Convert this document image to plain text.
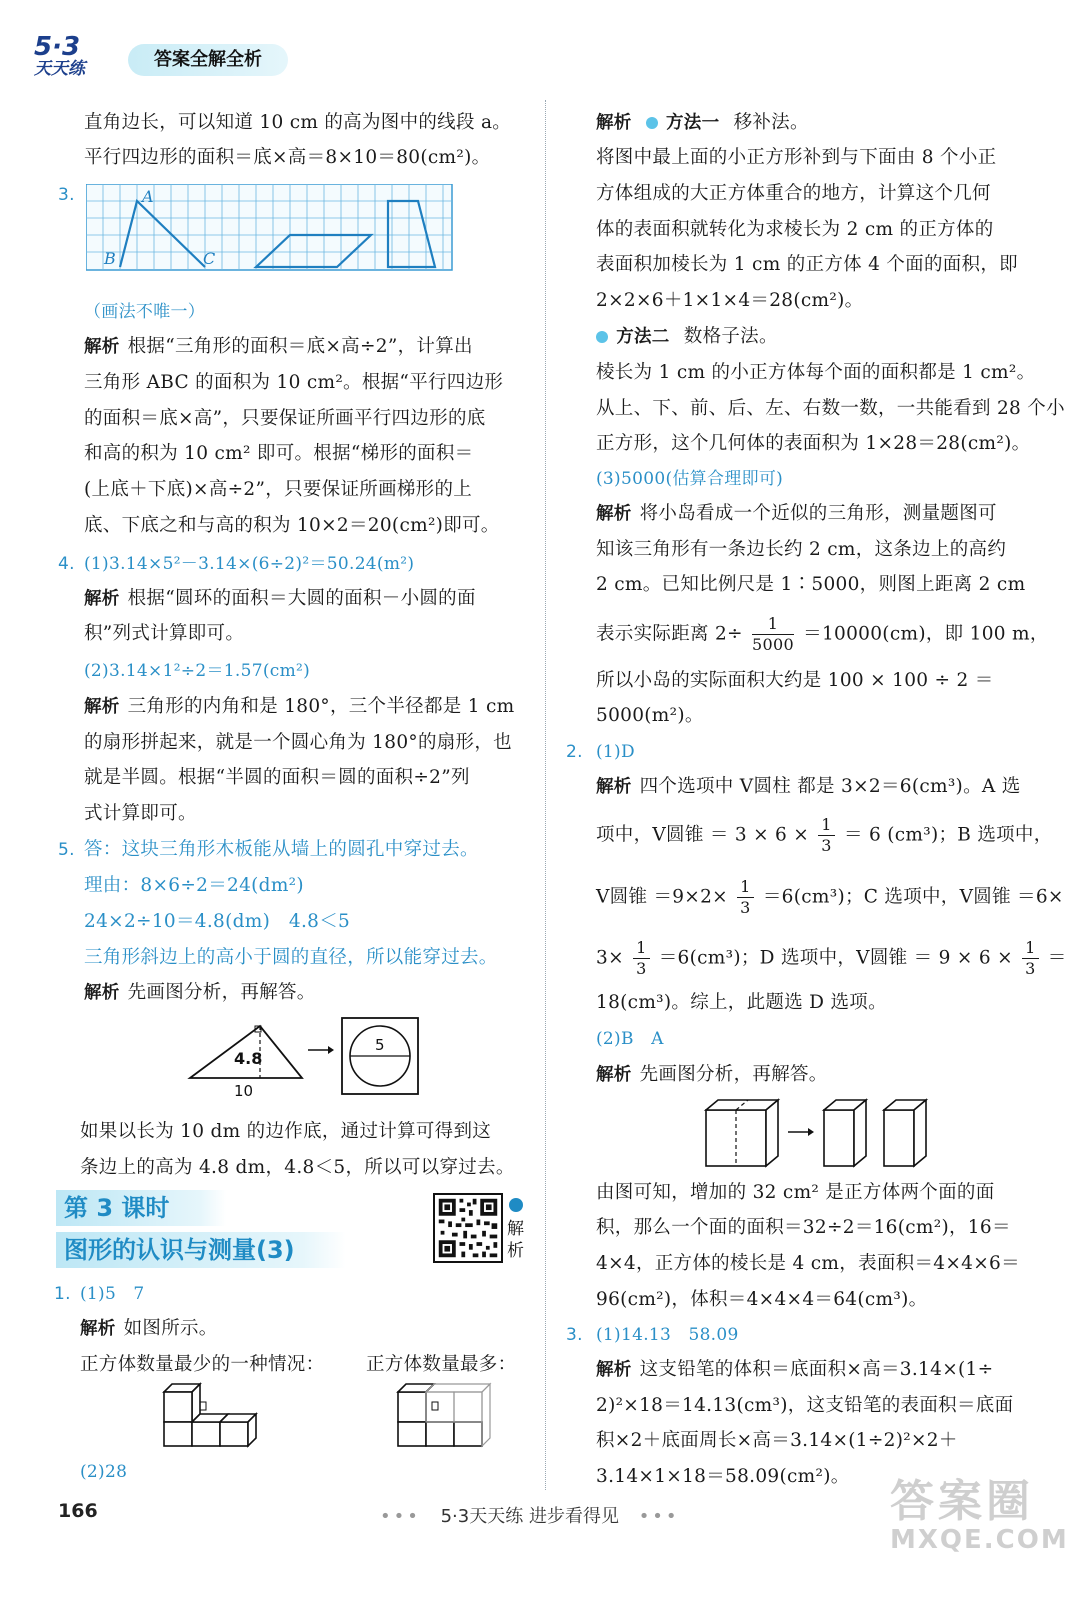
5·3
天天练	答案全解全析
直角边长，可以知道 10 cm 的高为图中的线段 a。
平行四边形的面积＝底×高＝8×10＝80(cm²)。
3.	A
B	C
（画法不唯一）
解析 根据“三角形的面积＝底×高÷2”，计算出
三角形 ABC 的面积为 10 cm²。根据“平行四边形
的面积＝底×高”，只要保证所画平行四边形的底
和高的积为 10 cm² 即可。根据“梯形的面积＝
(上底＋下底)×高÷2”，只要保证所画梯形的上
底、下底之和与高的积为 10×2＝20(cm²)即可。
4. (1)3.14×5²－3.14×(6÷2)²＝50.24(m²)
解析 根据“圆环的面积＝大圆的面积－小圆的面
积”列式计算即可。
(2)3.14×1²÷2＝1.57(cm²)
解析 三角形的内角和是 180°，三个半径都是 1 cm
的扇形拼起来，就是一个圆心角为 180°的扇形，也
就是半圆。根据“半圆的面积＝圆的面积÷2”列
式计算即可。
5. 答：这块三角形木板能从墙上的圆孔中穿过去。
理由：8×6÷2＝24(dm²)
24×2÷10＝4.8(dm)　4.8＜5
三角形斜边上的高小于圆的直径，所以能穿过去。
解析 先画图分析，再解答。
4.8
10
5
如果以长为 10 dm 的边作底，通过计算可得到这
条边上的高为 4.8 dm，4.8＜5，所以可以穿过去。
第 3 课时
图形的认识与测量(3)
解析
1. (1)5　7
解析 如图所示。
正方体数量最少的一种情况： 正方体数量最多：
(2)28
解析 方法一 移补法。
将图中最上面的小正方形补到与下面由 8 个小正
方体组成的大正方体重合的地方，计算这个几何
体的表面积就转化为求棱长为 2 cm 的正方体的
表面积加棱长为 1 cm 的正方体 4 个面的面积，即
2×2×6＋1×1×4＝28(cm²)。
方法二 数格子法。
棱长为 1 cm 的小正方体每个面的面积都是 1 cm²。
从上、下、前、后、左、右数一数，一共能看到 28 个小
正方形，这个几何体的表面积为 1×28＝28(cm²)。
(3)5000(估算合理即可)
解析 将小岛看成一个近似的三角形，测量题图可
知该三角形有一条边长约 2 cm，这条边上的高约
2 cm。已知比例尺是 1∶5000，则图上距离 2 cm
表示实际距离 $2\div \frac{1}{5000} =10000(cm)$，即 100 m，
所以小岛的实际面积大约是 100 × 100 ÷ 2 ＝
5000(m²)。
2. (1)D
解析 四个选项中 V圆柱 都是 3×2＝6(cm³)。A 选
项中，V圆锥 ＝ $3 \times 6 \times \frac{1}{3} = 6$ (cm³)；B 选项中，
V圆锥 $=9\times 2\times \frac{1}{3} =6(cm^3)$；C 选项中，V圆锥 ＝6×
$3\times \frac{1}{3} =6(cm^3)$；D 选项中，V圆锥 ＝ $9 \times 6 \times \frac{1}{3}$ ＝
18(cm³)。综上，此题选 D 选项。
(2)B　A
解析 先画图分析，再解答。
由图可知，增加的 32 cm² 是正方体两个面的面
积，那么一个面的面积＝32÷2＝16(cm²)，16＝
4×4，正方体的棱长是 4 cm，表面积＝4×4×6＝
96(cm²)，体积＝4×4×4＝64(cm³)。
3. (1)14.13　58.09
解析 这支铅笔的体积＝底面积×高＝3.14×(1÷
2)²×18＝14.13(cm³)，这支铅笔的表面积＝底面
积×2＋底面周长×高＝3.14×(1÷2)²×2＋
3.14×1×18＝58.09(cm²)。
166	••• 5·3天天练 进步看得见 •••	答案圈
MXQE.COM
